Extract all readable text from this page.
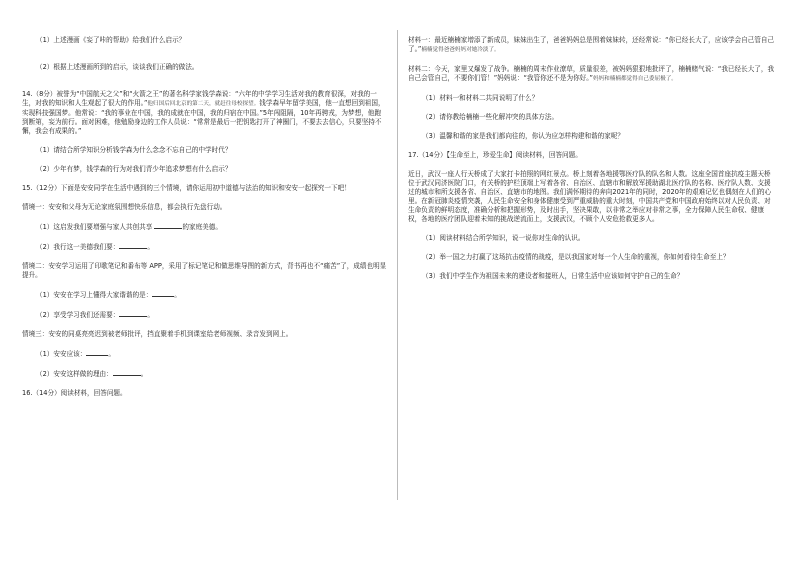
（1）上述漫画《妄了咔的帮助》给我们什么启示？

（2）根据上述漫画所到的启示，谈谈我们正确的做法。

14.（8分）被誉为“中国航天之父”和“火箭之王”的著名科学家钱学森说：“六年的中学学习生活对我的教育很深，对我的一生，对我的知识和人生观起了很大的作用。”他归国后回北京的第二天，就赶往母校探望。钱学森早年留学美国，他一直想回到祖国，实现科技强国梦。他常说：“我的事业在中国，我的成就在中国，我的归宿在中国。”5年闯阻隔，10年再骋戎，为梦想，他跑到断第，妄为前行。面对困难，他勉励身边的工作人员说：“常常是最后一把钥匙打开了神圈门，不要去去信心，只要坚持不懈，我会有成果的。”

（1）请结合所学知识分析钱学森为什么念念不忘自己的中学时代？

（2）少年有梦，钱学森的行为对我们青少年追求梦想有什么启示？

15.（12分）下面是安安同学在生活中遇到的三个情境，请你运用初中道德与法治的知识和安安一起探究一下吧！

情境一：安安和父母为无论家庭氛围想快乐信息，都会执行先盘行动。

（1）这启发我们要增强与家人共创共享	的家庭美德。

（2）我行这一美德我们要：	。

情境二：安安学习运用了印歌笔记和番布等 APP，采用了标记笔记和做思维导图的新方式，背书再也不“痛苦”了，成绩也明显提升。

（1）安安在学习上懂得大家谐谐的是：	。

（2）享受学习我们还需要：	。

情境三：安安的同桌亮亮迟到被老师批评，挡直聚着手机到课室给老师视频、录音发到网上。

（1）安安应该：	。

（2）安安这样做的理由：	。

16.（14分）阅读材料，回答问题。

材料一：最近楠楠家增添了新成员，妹妹出生了，爸爸妈妈总是围着妹妹转，还经常说：“你已经长大了，应该学会自己管自己了。”楠楠觉得爸爸妈妈对她冷淡了。

材料二：今天，家里又爆发了战争。楠楠的周末作业潦草，质量很差，被妈妈狠狠地批评了，楠楠赌气说：“我已经长大了，我自己会管自己，不要你们管！”妈妈说：“我管你还不是为你好。”妈妈和楠楠都觉得自己委屈极了。

（1）材料一和材料二共同说明了什么？

（2）请你教给楠楠一些化解冲突的具体方法。

（3）温馨和谐的家是我们都向往的，你认为应怎样构建和谐的家呢？

17.（14分）【生命至上，珍爱生命】阅读材料，回答问题。

近日，武汉一座人行天桥成了大家打卡拍照的网红景点。桥上刻着各地援鄂医疗队的队名和人数。这座全国首座抗疫主题天桥位于武汉同济医院门口，有关桥的护栏顶端上写着各省、自治区、直辖市和解放军援助湖北医疗队的名称、医疗队人数、支援过的城市和所支援各省、自治区、直辖市的地图。我们满怀期待的奔向2021年的同时，2020年的艰难记忆也偶刻在人们的心里。在新冠肺炎疫情突袭，人民生命安全和身体健康受到严重威胁的重大时刻，中国共产党和中国政府始终以对人民负责、对生命负责的鲜明态度，准确分析和把握形势，及时出手，坚决果敢，以非常之举应对非常之事，全力保障人民生命权、健康权，各地的医疗团队迎着未知的挑战逆流而上，支援武汉，不顾个人安危抢救更多人。

（1）阅读材料结合所学知识，说一说你对生命的认识。

（2）举一国之力打赢了这场抗击疫情的战疫，是以我国家对每一个人生命的重视，你如何看待生命至上？

（3）我们中学生作为祖国未来的建设者和接班人，日常生活中应该如何守护自己的生命？
